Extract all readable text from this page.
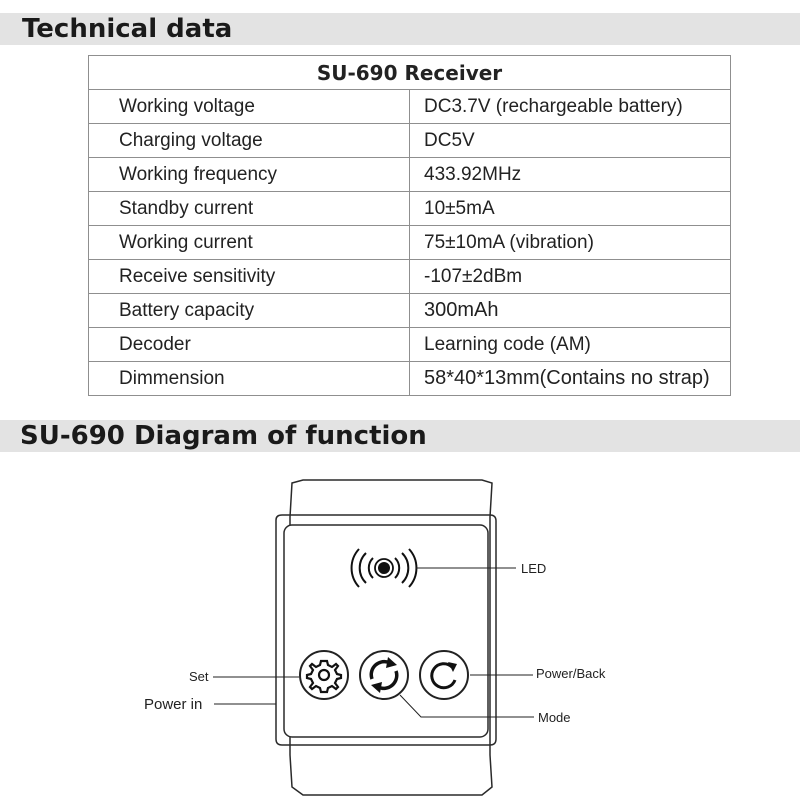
Technical data
SU-690 Receiver	
Working voltage	DC3.7V (rechargeable battery)
Charging voltage	DC5V
Working frequency	433.92MHz
Standby current	10±5mA
Working current	75±10mA (vibration)
Receive sensitivity	-107±2dBm
Battery capacity	300mAh
Decoder	Learning code (AM)
Dimmension	58*40*13mm(Contains no strap)
SU-690 Diagram of function
LED
Set
Power in
Power/Back
Mode
